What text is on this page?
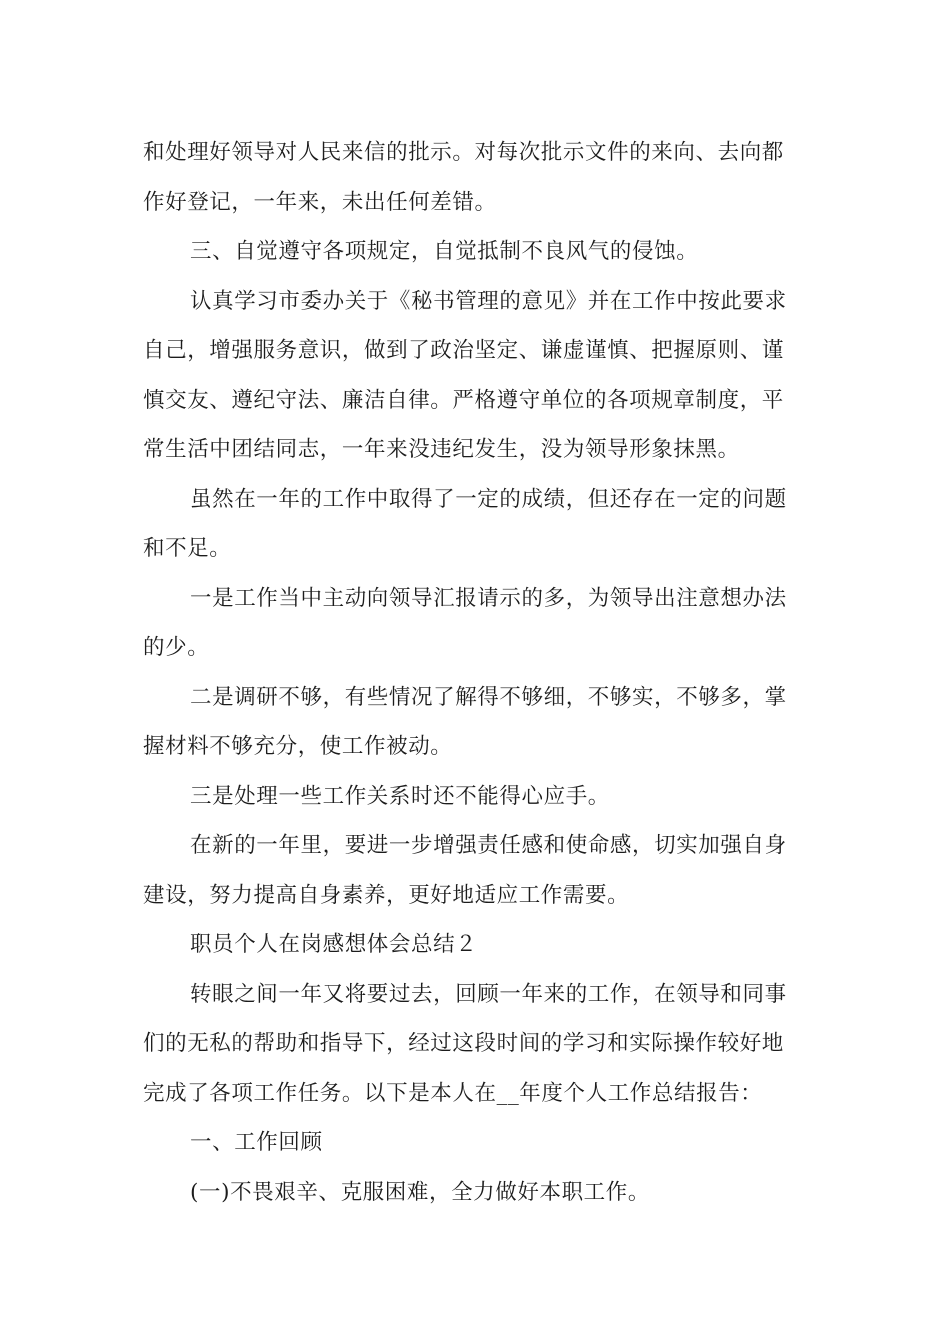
和处理好领导对人民来信的批示。对每次批示文件的来向、去向都
作好登记，一年来，未出任何差错。
三、自觉遵守各项规定，自觉抵制不良风气的侵蚀。
认真学习市委办关于《秘书管理的意见》并在工作中按此要求
自己，增强服务意识，做到了政治坚定、谦虚谨慎、把握原则、谨
慎交友、遵纪守法、廉洁自律。严格遵守单位的各项规章制度，平
常生活中团结同志，一年来没违纪发生，没为领导形象抹黑。
虽然在一年的工作中取得了一定的成绩，但还存在一定的问题
和不足。
一是工作当中主动向领导汇报请示的多，为领导出注意想办法
的少。
二是调研不够，有些情况了解得不够细，不够实，不够多，掌
握材料不够充分，使工作被动。
三是处理一些工作关系时还不能得心应手。
在新的一年里，要进一步增强责任感和使命感，切实加强自身
建设，努力提高自身素养，更好地适应工作需要。
职员个人在岗感想体会总结２
转眼之间一年又将要过去，回顾一年来的工作，在领导和同事
们的无私的帮助和指导下，经过这段时间的学习和实际操作较好地
完成了各项工作任务。以下是本人在__年度个人工作总结报告：
一、工作回顾
(一)不畏艰辛、克服困难，全力做好本职工作。
